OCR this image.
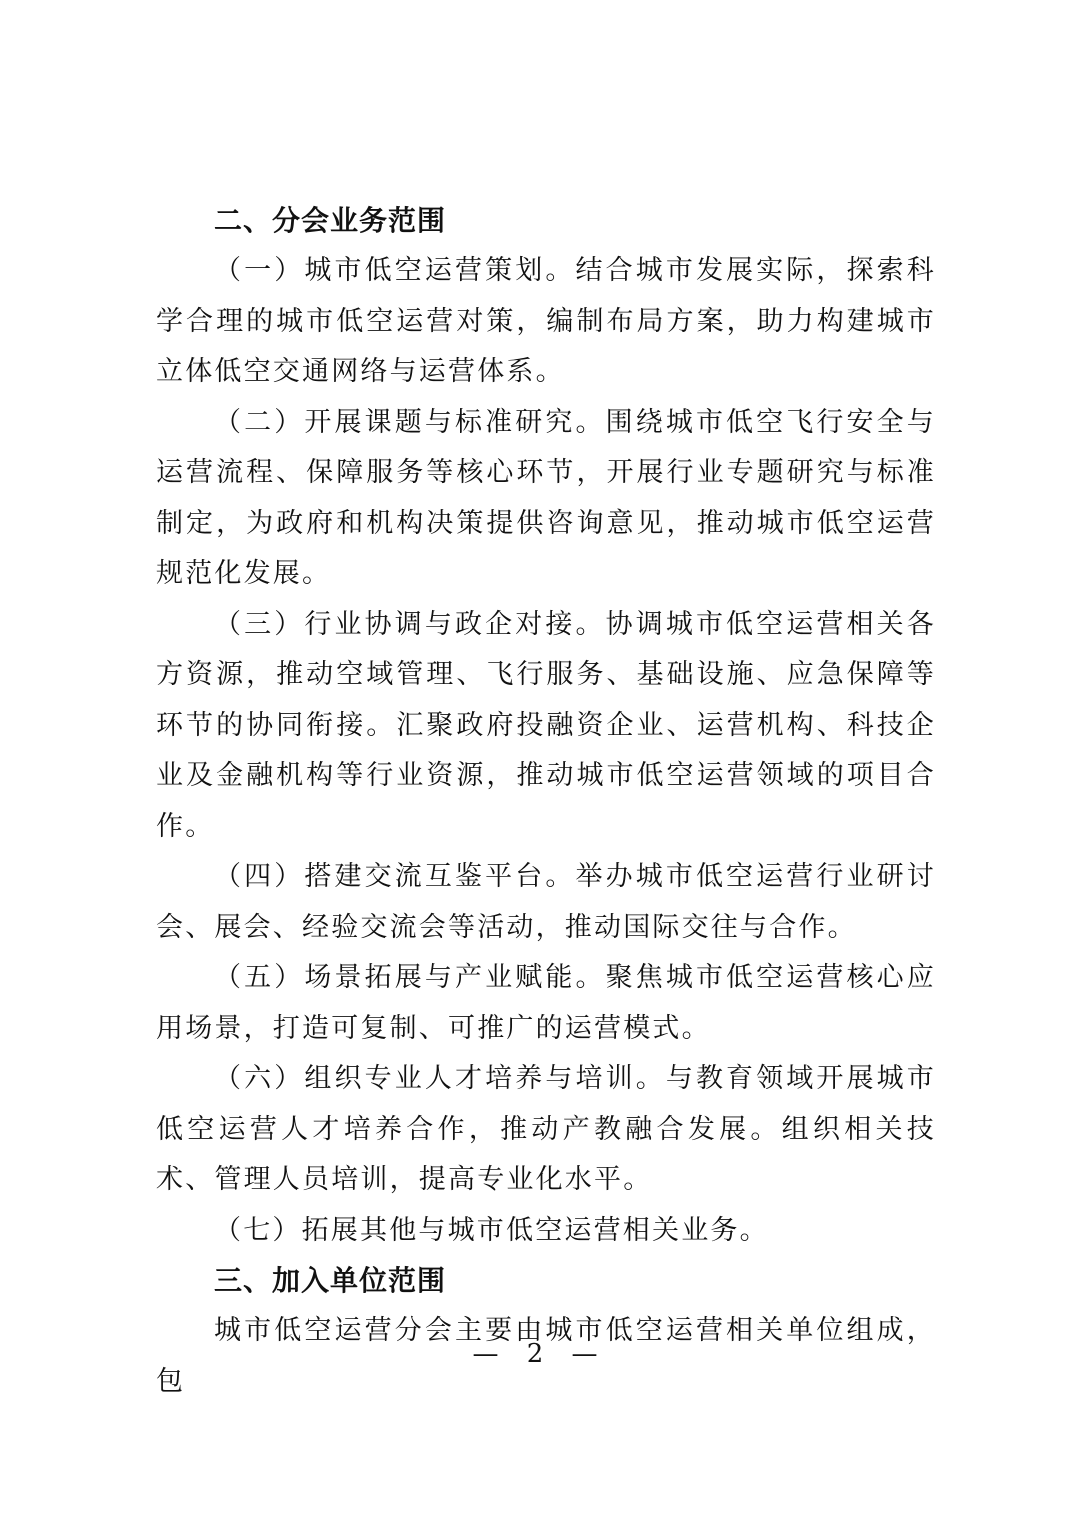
二、分会业务范围

（一）城市低空运营策划。结合城市发展实际，探索科学合理的城市低空运营对策，编制布局方案，助力构建城市立体低空交通网络与运营体系。

（二）开展课题与标准研究。围绕城市低空飞行安全与运营流程、保障服务等核心环节，开展行业专题研究与标准制定，为政府和机构决策提供咨询意见，推动城市低空运营规范化发展。

（三）行业协调与政企对接。协调城市低空运营相关各方资源，推动空域管理、飞行服务、基础设施、应急保障等环节的协同衔接。汇聚政府投融资企业、运营机构、科技企业及金融机构等行业资源，推动城市低空运营领域的项目合作。

（四）搭建交流互鉴平台。举办城市低空运营行业研讨会、展会、经验交流会等活动，推动国际交往与合作。

（五）场景拓展与产业赋能。聚焦城市低空运营核心应用场景，打造可复制、可推广的运营模式。

（六）组织专业人才培养与培训。与教育领域开展城市低空运营人才培养合作，推动产教融合发展。组织相关技术、管理人员培训，提高专业化水平。

（七）拓展其他与城市低空运营相关业务。

三、加入单位范围

城市低空运营分会主要由城市低空运营相关单位组成，包

— 2 —
